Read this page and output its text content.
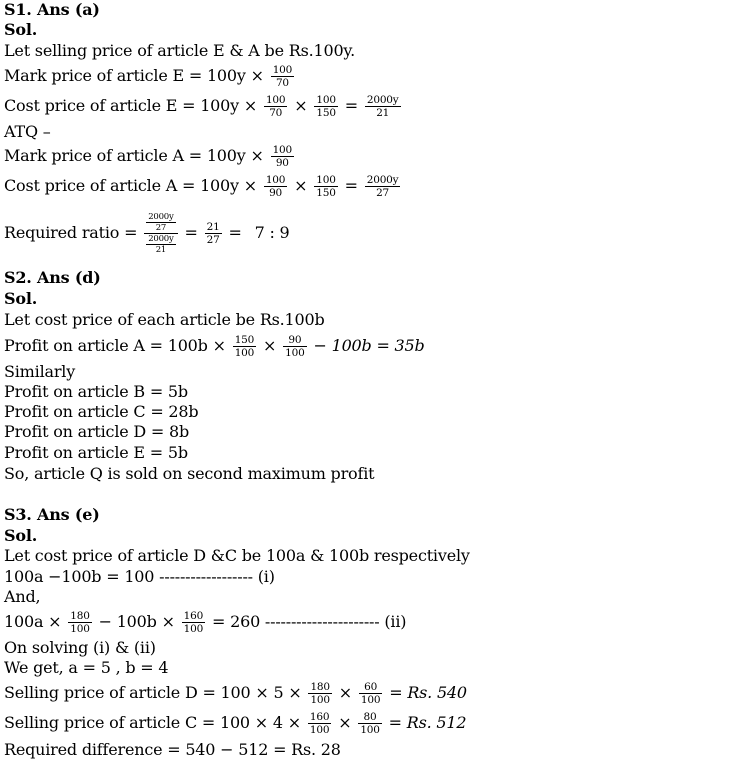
S1. Ans (a)
Sol.
Let selling price of article E & A be Rs.100y.
Mark price of article $E = 100y \times \frac{100}{70}$
Cost price of article $E = 100y \times \frac{100}{70} \times \frac{100}{150} = \frac{2000y}{21}$
ATQ –
Mark price of article $A = 100y \times \frac{100}{90}$
Cost price of article $A = 100y \times \frac{100}{90} \times \frac{100}{150} = \frac{2000y}{27}$
Required ratio = $\frac{\frac{2000y}{27}}{\frac{2000y}{21}} = \frac{21}{27} = 7$ : 9
S2. Ans (d)
Sol.
Let cost price of each article be Rs.100b
Profit on article $A = 100b \times \frac{150}{100} \times \frac{90}{100} - 100b = 35b$
Similarly
Profit on article B = 5b
Profit on article C = 28b
Profit on article D = 8b
Profit on article E = 5b
So, article Q is sold on second maximum profit
S3. Ans (e)
Sol.
Let cost price of article D &C be 100a & 100b respectively
100a −100b = 100 ------------------ (i)
And,
$100a \times \frac{180}{100} - 100b \times \frac{160}{100} = 260$ ---------------------- (ii)
On solving (i) & (ii)
We get, a = 5 , b = 4
Selling price of article $D = 100 \times 5 \times \frac{180}{100} \times \frac{60}{100} = Rs$. 540
Selling price of article $C = 100 \times 4 \times \frac{160}{100} \times \frac{80}{100} = Rs$. 512
Required difference = 540 − 512 = Rs. 28
